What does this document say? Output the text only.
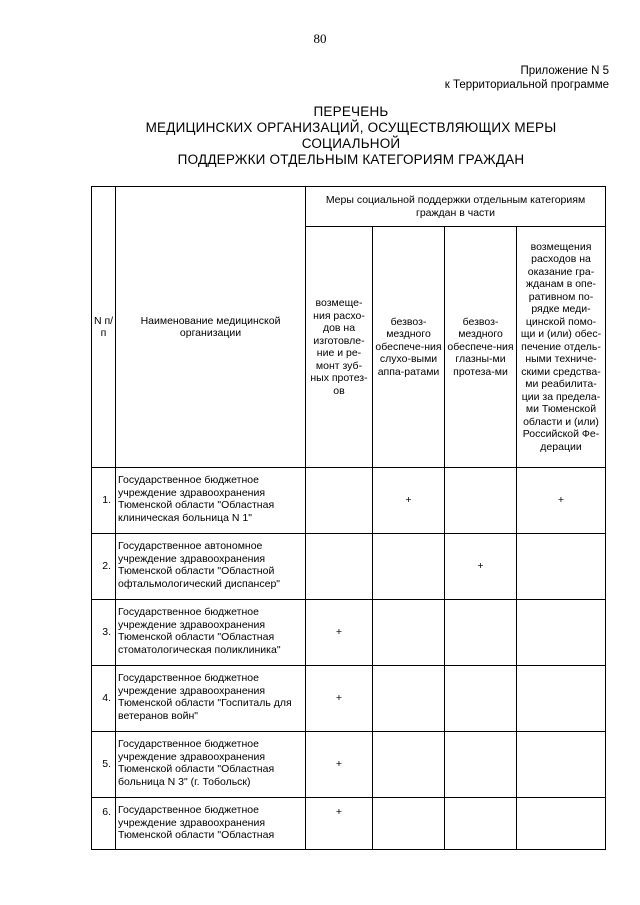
80
Приложение N 5
к Территориальной программе
ПЕРЕЧЕНЬ
МЕДИЦИНСКИХ ОРГАНИЗАЦИЙ, ОСУЩЕСТВЛЯЮЩИХ МЕРЫ
СОЦИАЛЬНОЙ
ПОДДЕРЖКИ ОТДЕЛЬНЫМ КАТЕГОРИЯМ ГРАЖДАН
N п/п	Наименование медицинской организации	Меры социальной поддержки отдельным категориям граждан в части			

		возмеще-ния расхо-дов на изготовле-ние и ре-монт зуб-ных протез-ов	безвоз-мездного обеспече-ния слухо-выми аппа-ратами	безвоз-мездного обеспече-ния глазны-ми протеза-ми	возмещения расходов на оказание гра-жданам в опе-ративном по-рядке меди-цинской помо-щи и (или) обес-печение отдель-ными техниче-скими средства-ми реабилита-ции за предела-ми Тюменской области и (или) Российской Фе-дерации

1.	Государственное бюджетное учреждение здравоохранения Тюменской области "Областная клиническая больница N 1"		+		+
2.	Государственное автономное учреждение здравоохранения Тюменской области "Областной офтальмологический диспансер"			+	
3.	Государственное бюджетное учреждение здравоохранения Тюменской области "Областная стоматологическая поликлиника"	+			
4.	Государственное бюджетное учреждение здравоохранения Тюменской области "Госпиталь для ветеранов войн"	+			
5.	Государственное бюджетное учреждение здравоохранения Тюменской области "Областная больница N 3" (г. Тобольск)	+			
6.	Государственное бюджетное учреждение здравоохранения Тюменской области "Областная	+			
